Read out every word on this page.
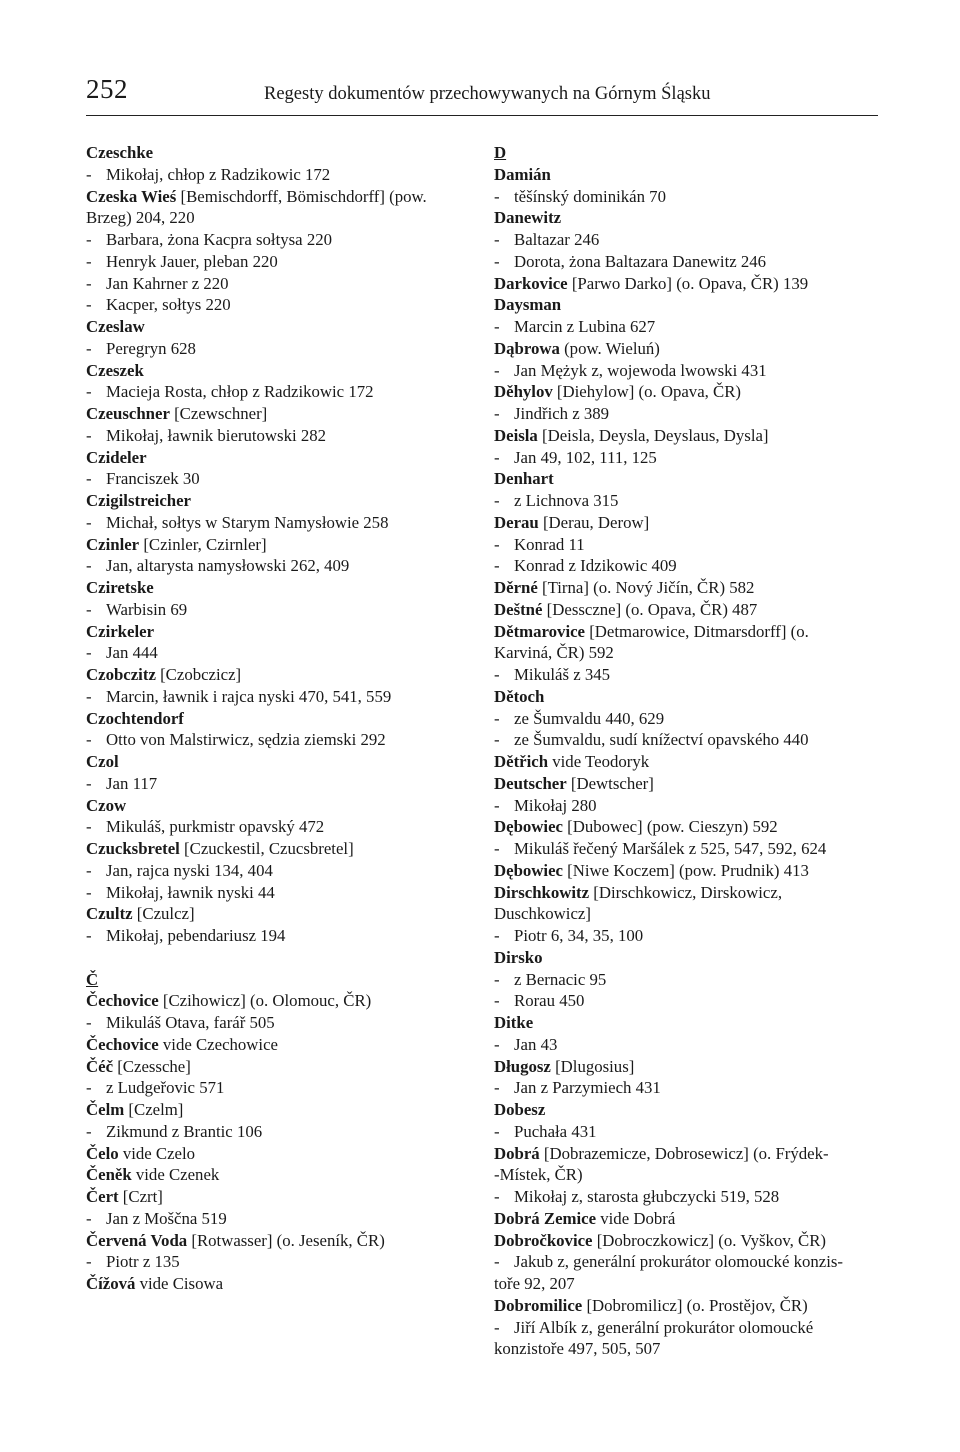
252	Regesty dokumentów przechowywanych na Górnym Śląsku
Czeschke
- Mikołaj, chłop z Radzikowic 172
Czeska Wieś [Bemischdorff, Bömischdorff] (pow.
Brzeg) 204, 220
- Barbara, żona Kacpra sołtysa 220
- Henryk Jauer, pleban 220
- Jan Kahrner z 220
- Kacper, sołtys 220
Czeslaw
- Peregryn 628
Czeszek
- Macieja Rosta, chłop z Radzikowic 172
Czeuschner [Czewschner]
- Mikołaj, ławnik bierutowski 282
Czideler
- Franciszek 30
Czigilstreicher
- Michał, sołtys w Starym Namysłowie 258
Czinler [Czinler, Czirnler]
- Jan, altarysta namysłowski 262, 409
Cziretske
- Warbisin 69
Czirkeler
- Jan 444
Czobczitz [Czobczicz]
- Marcin, ławnik i rajca nyski 470, 541, 559
Czochtendorf
- Otto von Malstirwicz, sędzia ziemski 292
Czol
- Jan 117
Czow
- Mikuláš, purkmistr opavský 472
Czucksbretel [Czuckestil, Czucsbretel]
- Jan, rajca nyski 134, 404
- Mikołaj, ławnik nyski 44
Czultz [Czulcz]
- Mikołaj, pebendariusz 194
Č
Čechovice [Czihowicz] (o. Olomouc, ČR)
- Mikuláš Otava, farář 505
Čechovice vide Czechowice
Čéč [Czessche]
- z Ludgeřovic 571
Čelm [Czelm]
- Zikmund z Brantic 106
Čelo vide Czelo
Čeněk vide Czenek
Čert [Czrt]
- Jan z Moščna 519
Červená Voda [Rotwasser] (o. Jeseník, ČR)
- Piotr z 135
Čížová vide Cisowa
D
Damián
- těšínský dominikán 70
Danewitz
- Baltazar 246
- Dorota, żona Baltazara Danewitz 246
Darkovice [Parwo Darko] (o. Opava, ČR) 139
Daysman
- Marcin z Lubina 627
Dąbrowa (pow. Wieluń)
- Jan Mężyk z, wojewoda lwowski 431
Děhylov [Diehylow] (o. Opava, ČR)
- Jindřich z 389
Deisla [Deisla, Deysla, Deyslaus, Dysla]
- Jan 49, 102, 111, 125
Denhart
- z Lichnova 315
Derau [Derau, Derow]
- Konrad 11
- Konrad z Idzikowic 409
Děrné [Tirna] (o. Nový Jičín, ČR) 582
Deštné [Dessczne] (o. Opava, ČR) 487
Dětmarovice [Detmarowice, Ditmarsdorff] (o.
Karviná, ČR) 592
- Mikuláš z 345
Dětoch
- ze Šumvaldu 440, 629
- ze Šumvaldu, sudí knížectví opavského 440
Dětřich vide Teodoryk
Deutscher [Dewtscher]
- Mikołaj 280
Dębowiec [Dubowec] (pow. Cieszyn) 592
- Mikuláš řečený Maršálek z 525, 547, 592, 624
Dębowiec [Niwe Koczem] (pow. Prudnik) 413
Dirschkowitz [Dirschkowicz, Dirskowicz,
Duschkowicz]
- Piotr 6, 34, 35, 100
Dirsko
- z Bernacic 95
- Rorau 450
Ditke
- Jan 43
Długosz [Dlugosius]
- Jan z Parzymiech 431
Dobesz
- Puchała 431
Dobrá [Dobrazemicze, Dobrosewicz] (o. Frýdek-
-Místek, ČR)
- Mikołaj z, starosta głubczycki 519, 528
Dobrá Zemice vide Dobrá
Dobročkovice [Dobroczkowicz] (o. Vyškov, ČR)
- Jakub z, generální prokurátor olomoucké konzis-
toře 92, 207
Dobromilice [Dobromilicz] (o. Prostějov, ČR)
- Jiří Albík z, generální prokurátor olomoucké
konzistoře 497, 505, 507
